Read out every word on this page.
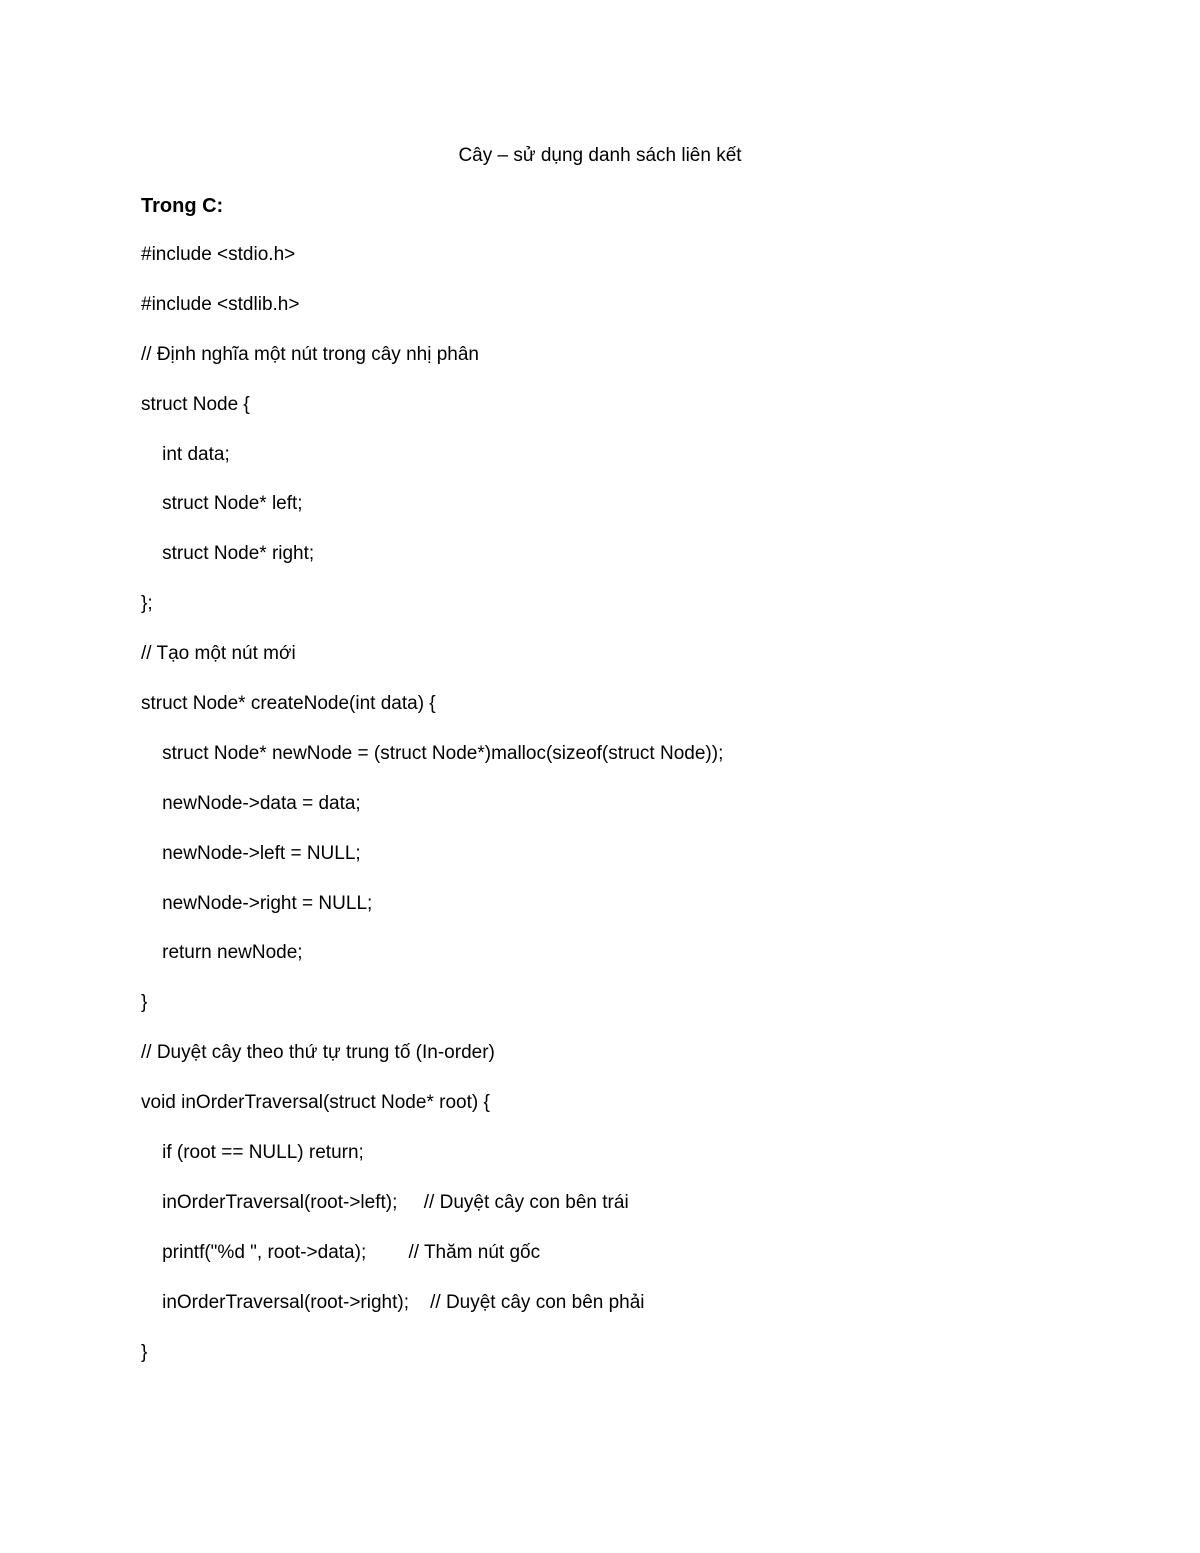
Cây – sử dụng danh sách liên kết
Trong C:
#include <stdio.h>
#include <stdlib.h>
// Định nghĩa một nút trong cây nhị phân
struct Node {
int data;
struct Node* left;
struct Node* right;
};
// Tạo một nút mới
struct Node* createNode(int data) {
struct Node* newNode = (struct Node*)malloc(sizeof(struct Node));
newNode->data = data;
newNode->left = NULL;
newNode->right = NULL;
return newNode;
}
// Duyệt cây theo thứ tự trung tố (In-order)
void inOrderTraversal(struct Node* root) {
if (root == NULL) return;
inOrderTraversal(root->left);     // Duyệt cây con bên trái
printf("%d ", root->data);        // Thăm nút gốc
inOrderTraversal(root->right);    // Duyệt cây con bên phải
}
